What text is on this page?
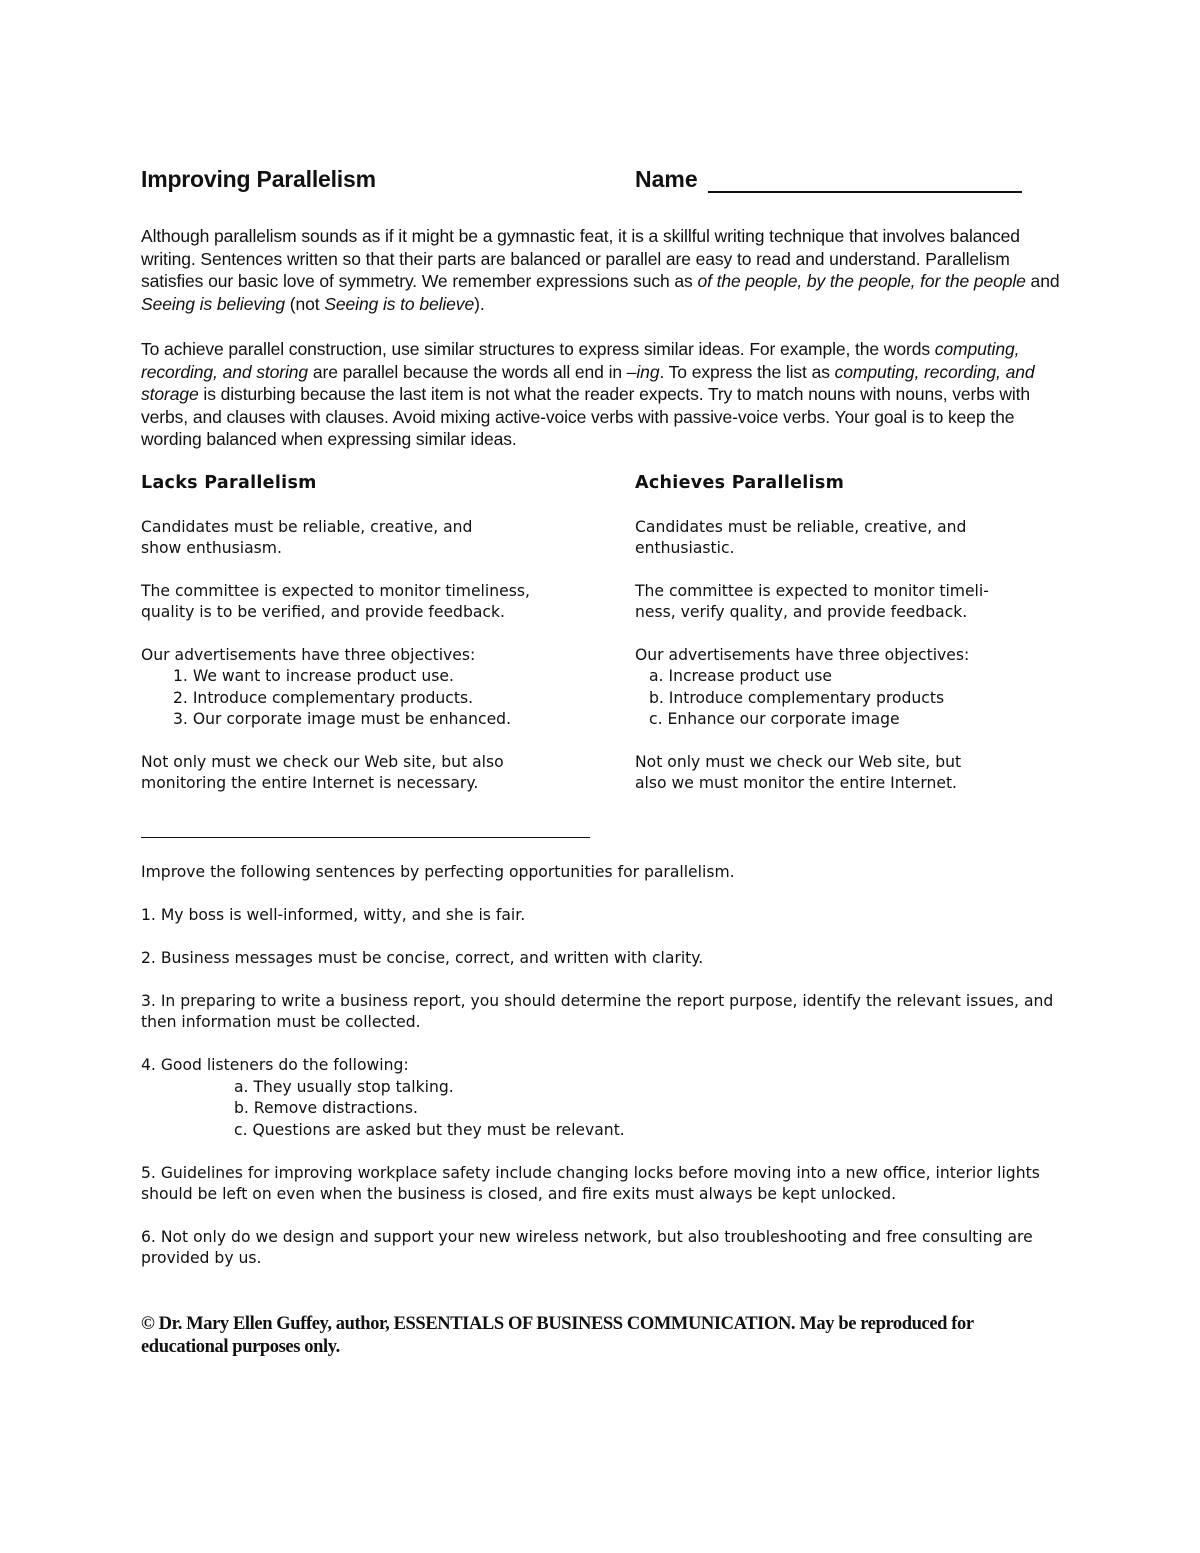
Improving Parallelism	Name

Although parallelism sounds as if it might be a gymnastic feat, it is a skillful writing technique that involves balanced writing. Sentences written so that their parts are balanced or parallel are easy to read and understand. Parallelism satisfies our basic love of symmetry. We remember expressions such as of the people, by the people, for the people and Seeing is believing (not Seeing is to believe).

To achieve parallel construction, use similar structures to express similar ideas. For example, the words computing, recording, and storing are parallel because the words all end in –ing. To express the list as computing, recording, and storage is disturbing because the last item is not what the reader expects. Try to match nouns with nouns, verbs with verbs, and clauses with clauses. Avoid mixing active-voice verbs with passive-voice verbs. Your goal is to keep the wording balanced when expressing similar ideas.

Lacks Parallelism
Candidates must be reliable, creative, and
show enthusiasm.
The committee is expected to monitor timeliness,
quality is to be verified, and provide feedback.
Our advertisements have three objectives:
1. We want to increase product use.
2. Introduce complementary products.
3. Our corporate image must be enhanced.
Not only must we check our Web site, but also
monitoring the entire Internet is necessary.
Achieves Parallelism
Candidates must be reliable, creative, and
enthusiastic.
The committee is expected to monitor timeli-
ness, verify quality, and provide feedback.
Our advertisements have three objectives:
a. Increase product use
b. Introduce complementary products
c. Enhance our corporate image
Not only must we check our Web site, but
also we must monitor the entire Internet.

Improve the following sentences by perfecting opportunities for parallelism.

1. My boss is well-informed, witty, and she is fair.

2. Business messages must be concise, correct, and written with clarity.

3. In preparing to write a business report, you should determine the report purpose, identify the relevant issues, and then information must be collected.

4. Good listeners do the following:
a. They usually stop talking.
b. Remove distractions.
c. Questions are asked but they must be relevant.

5. Guidelines for improving workplace safety include changing locks before moving into a new office, interior lights should be left on even when the business is closed, and fire exits must always be kept unlocked.

6. Not only do we design and support your new wireless network, but also troubleshooting and free consulting are provided by us.

© Dr. Mary Ellen Guffey, author, ESSENTIALS OF BUSINESS COMMUNICATION. May be reproduced for educational purposes only.
